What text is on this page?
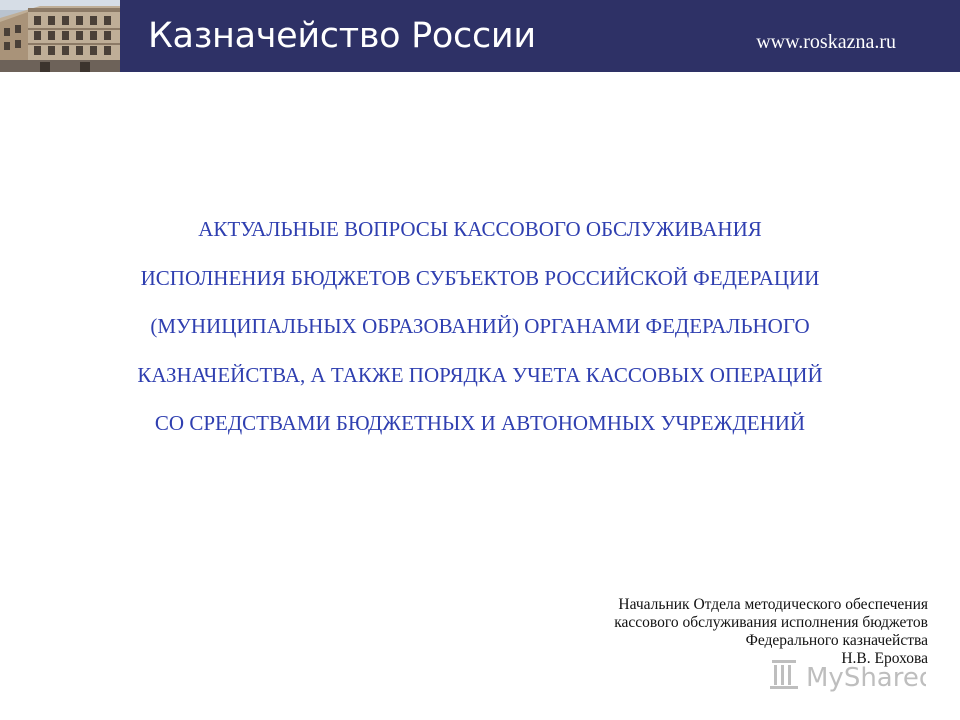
Казначейство России	www.roskazna.ru
АКТУАЛЬНЫЕ ВОПРОСЫ КАССОВОГО ОБСЛУЖИВАНИЯ
ИСПОЛНЕНИЯ БЮДЖЕТОВ СУБЪЕКТОВ РОССИЙСКОЙ ФЕДЕРАЦИИ
(МУНИЦИПАЛЬНЫХ ОБРАЗОВАНИЙ) ОРГАНАМИ ФЕДЕРАЛЬНОГО
КАЗНАЧЕЙСТВА, А ТАКЖЕ ПОРЯДКА УЧЕТА КАССОВЫХ ОПЕРАЦИЙ
СО СРЕДСТВАМИ БЮДЖЕТНЫХ И АВТОНОМНЫХ УЧРЕЖДЕНИЙ
Начальник Отдела методического обеспечения
кассового обслуживания исполнения бюджетов
Федерального казначейства
Н.В. Ерохова
MyShared
